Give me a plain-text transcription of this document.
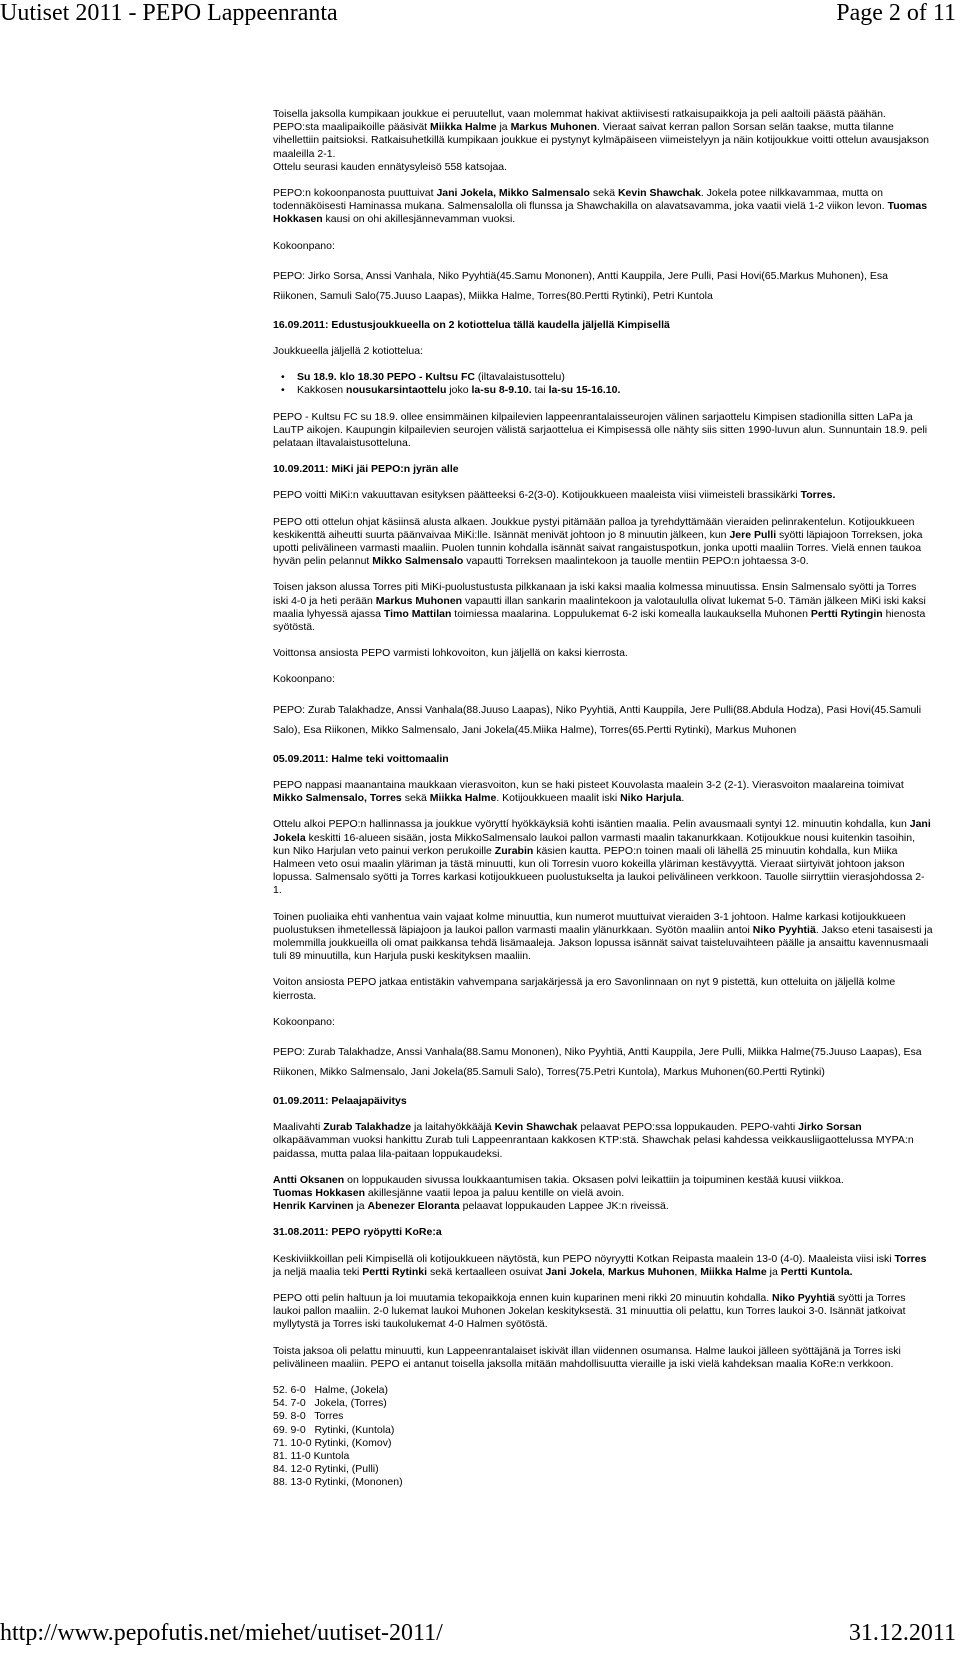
Uutiset 2011 - PEPO Lappeenranta	Page 2 of 11

Toisella jaksolla kumpikaan joukkue ei peruutellut, vaan molemmat hakivat aktiivisesti ratkaisupaikkoja ja peli aaltoili päästä päähän. PEPO:sta maalipaikoille pääsivät Miikka Halme ja Markus Muhonen. Vieraat saivat kerran pallon Sorsan selän taakse, mutta tilanne vihellettiin paitsioksi. Ratkaisuhetkillä kumpikaan joukkue ei pystynyt kylmäpäiseen viimeistelyyn ja näin kotijoukkue voitti ottelun avausjakson maaleilla 2-1.
Ottelu seurasi kauden ennätysyleisö 558 katsojaa.

PEPO:n kokoonpanosta puuttuivat Jani Jokela, Mikko Salmensalo sekä Kevin Shawchak. Jokela potee nilkkavammaa, mutta on todennäköisesti Haminassa mukana. Salmensalolla oli flunssa ja Shawchakilla on alavatsavamma, joka vaatii vielä 1-2 viikon levon. Tuomas Hokkasen kausi on ohi akillesjännevamman vuoksi.

Kokoonpano:

PEPO: Jirko Sorsa, Anssi Vanhala, Niko Pyyhtiä(45.Samu Mononen), Antti Kauppila, Jere Pulli, Pasi Hovi(65.Markus Muhonen), Esa Riikonen, Samuli Salo(75.Juuso Laapas), Miikka Halme, Torres(80.Pertti Rytinki), Petri Kuntola

16.09.2011: Edustusjoukkueella on 2 kotiottelua tällä kaudella jäljellä Kimpisellä

Joukkueella jäljellä 2 kotiottelua:

• Su 18.9. klo 18.30 PEPO - Kultsu FC (iltavalaistusottelu)
• Kakkosen nousukarsintaottelu joko la-su 8-9.10. tai la-su 15-16.10.

PEPO - Kultsu FC su 18.9. ollee ensimmäinen kilpailevien lappeenrantalaisseurojen välinen sarjaottelu Kimpisen stadionilla sitten LaPa ja LauTP aikojen. Kaupungin kilpailevien seurojen välistä sarjaottelua ei Kimpisessä olle nähty siis sitten 1990-luvun alun. Sunnuntain 18.9. peli pelataan iltavalaistusotteluna.

10.09.2011: MiKi jäi PEPO:n jyrän alle

PEPO voitti MiKi:n vakuuttavan esityksen päätteeksi 6-2(3-0). Kotijoukkueen maaleista viisi viimeisteli brassikärki Torres.

PEPO otti ottelun ohjat käsiinsä alusta alkaen. Joukkue pystyi pitämään palloa ja tyrehdyttämään vieraiden pelinrakentelun. Kotijoukkueen keskikenttä aiheutti suurta päänvaivaa MiKi:lle. Isännät menivät johtoon jo 8 minuutin jälkeen, kun Jere Pulli syötti läpiajoon Torreksen, joka upotti pelivälineen varmasti maaliin. Puolen tunnin kohdalla isännät saivat rangaistuspotkun, jonka upotti maaliin Torres. Vielä ennen taukoa hyvän pelin pelannut Mikko Salmensalo vapautti Torreksen maalintekoon ja tauolle mentiin PEPO:n johtaessa 3-0.

Toisen jakson alussa Torres piti MiKi-puolustustusta pilkkanaan ja iski kaksi maalia kolmessa minuutissa. Ensin Salmensalo syötti ja Torres iski 4-0 ja heti perään Markus Muhonen vapautti illan sankarin maalintekoon ja valotaululla olivat lukemat 5-0. Tämän jälkeen MiKi iski kaksi maalia lyhyessä ajassa Timo Mattilan toimiessa maalarina. Loppulukemat 6-2 iski komealla laukauksella Muhonen Pertti Rytingin hienosta syötöstä.

Voittonsa ansiosta PEPO varmisti lohkovoiton, kun jäljellä on kaksi kierrosta.

Kokoonpano:

PEPO: Zurab Talakhadze, Anssi Vanhala(88.Juuso Laapas), Niko Pyyhtiä, Antti Kauppila, Jere Pulli(88.Abdula Hodza), Pasi Hovi(45.Samuli Salo), Esa Riikonen, Mikko Salmensalo, Jani Jokela(45.Miika Halme), Torres(65.Pertti Rytinki), Markus Muhonen

05.09.2011: Halme teki voittomaalin

PEPO nappasi maanantaina maukkaan vierasvoiton, kun se haki pisteet Kouvolasta maalein 3-2 (2-1). Vierasvoiton maalareina toimivat Mikko Salmensalo, Torres sekä Miikka Halme. Kotijoukkueen maalit iski Niko Harjula.

Ottelu alkoi PEPO:n hallinnassa ja joukkue vyöryttí hyökkäyksiä kohti isäntien maalia. Pelin avausmaali syntyi 12. minuutin kohdalla, kun Jani Jokela keskitti 16-alueen sisään, josta MikkoSalmensalo laukoi pallon varmasti maalin takanurkkaan. Kotijoukkue nousi kuitenkin tasoihin, kun Niko Harjulan veto painui verkon perukoille Zurabin käsien kautta. PEPO:n toinen maali oli lähellä 25 minuutin kohdalla, kun Miika Halmeen veto osui maalin yläriman ja tästä minuutti, kun oli Torresin vuoro kokeilla yläriman kestävyyttä. Vieraat siirtyivät johtoon jakson lopussa. Salmensalo syötti ja Torres karkasi kotijoukkueen puolustukselta ja laukoi pelivälineen verkkoon. Tauolle siirryttiin vierasjohdossa 2-1.

Toinen puoliaika ehti vanhentua vain vajaat kolme minuuttia, kun numerot muuttuivat vieraiden 3-1 johtoon. Halme karkasi kotijoukkueen puolustuksen ihmetellessä läpiajoon ja laukoi pallon varmasti maalin ylänurkkaan. Syötön maaliin antoi Niko Pyyhtiä. Jakso eteni tasaisesti ja molemmilla joukkueilla oli omat paikkansa tehdä lisämaaleja. Jakson lopussa isännät saivat taisteluvaihteen päälle ja ansaittu kavennusmaali tuli 89 minuutilla, kun Harjula puski keskityksen maaliin.

Voiton ansiosta PEPO jatkaa entistäkin vahvempana sarjakärjessä ja ero Savonlinnaan on nyt 9 pistettä, kun otteluita on jäljellä kolme kierrosta.

Kokoonpano:

PEPO: Zurab Talakhadze, Anssi Vanhala(88.Samu Mononen), Niko Pyyhtiä, Antti Kauppila, Jere Pulli, Miikka Halme(75.Juuso Laapas), Esa Riikonen, Mikko Salmensalo, Jani Jokela(85.Samuli Salo), Torres(75.Petri Kuntola), Markus Muhonen(60.Pertti Rytinki)

01.09.2011: Pelaajapäivitys

Maalivahti Zurab Talakhadze ja laitahyökkääjä Kevin Shawchak pelaavat PEPO:ssa loppukauden. PEPO-vahti Jirko Sorsan olkapäävamman vuoksi hankittu Zurab tuli Lappeenrantaan kakkosen KTP:stä. Shawchak pelasi kahdessa veikkausliigaottelussa MYPA:n paidassa, mutta palaa lila-paitaan loppukaudeksi.

Antti Oksanen on loppukauden sivussa loukkaantumisen takia. Oksasen polvi leikattiin ja toipuminen kestää kuusi viikkoa.
Tuomas Hokkasen akillesjänne vaatii lepoa ja paluu kentille on vielä avoin.
Henrik Karvinen ja Abenezer Eloranta pelaavat loppukauden Lappee JK:n riveissä.

31.08.2011: PEPO ryöpytti KoRe:a

Keskiviikkoillan peli Kimpisellä oli kotijoukkueen näytöstä, kun PEPO nöyryytti Kotkan Reipasta maalein 13-0 (4-0). Maaleista viisi iski Torres ja neljä maalia teki Pertti Rytinki sekä kertaalleen osuivat Jani Jokela, Markus Muhonen, Miikka Halme ja Pertti Kuntola.

PEPO otti pelin haltuun ja loi muutamia tekopaikkoja ennen kuin kuparinen meni rikki 20 minuutin kohdalla. Niko Pyyhtiä syötti ja Torres laukoi pallon maaliin. 2-0 lukemat laukoi Muhonen Jokelan keskityksestä. 31 minuuttia oli pelattu, kun Torres laukoi 3-0. Isännät jatkoivat myllytystä ja Torres iski taukolukemat 4-0 Halmen syötöstä.

Toista jaksoa oli pelattu minuutti, kun Lappeenrantalaiset iskivät illan viidennen osumansa. Halme laukoi jälleen syöttäjänä ja Torres iski pelivälineen maaliin. PEPO ei antanut toisella jaksolla mitään mahdollisuutta vieraille ja iski vielä kahdeksan maalia KoRe:n verkkoon.

52. 6-0   Halme, (Jokela)
54. 7-0   Jokela, (Torres)
59. 8-0   Torres
69. 9-0   Rytinki, (Kuntola)
71. 10-0 Rytinki, (Komov)
81. 11-0 Kuntola
84. 12-0 Rytinki, (Pulli)
88. 13-0 Rytinki, (Mononen)
http://www.pepofutis.net/miehet/uutiset-2011/	31.12.2011
